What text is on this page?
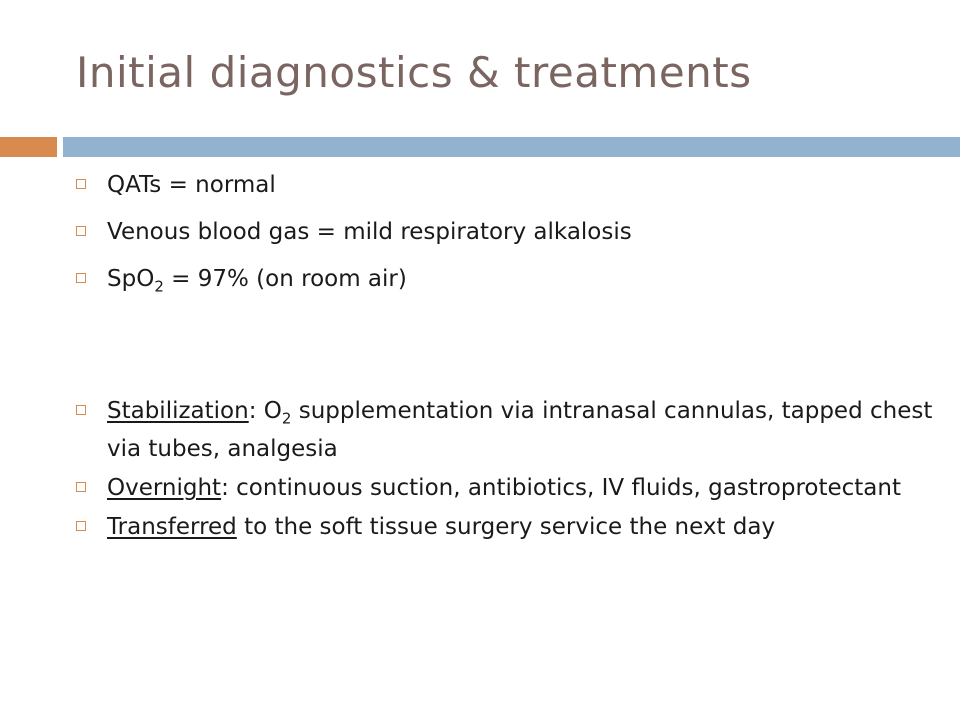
Initial diagnostics & treatments
QATs = normal
Venous blood gas = mild respiratory alkalosis
SpO$_2$ = 97% (on room air)
Stabilization: $O_2$ supplementation via intranasal cannulas, tapped chest via tubes, analgesia
Overnight: continuous suction, antibiotics, IV fluids, gastroprotectant
Transferred to the soft tissue surgery service the next day
